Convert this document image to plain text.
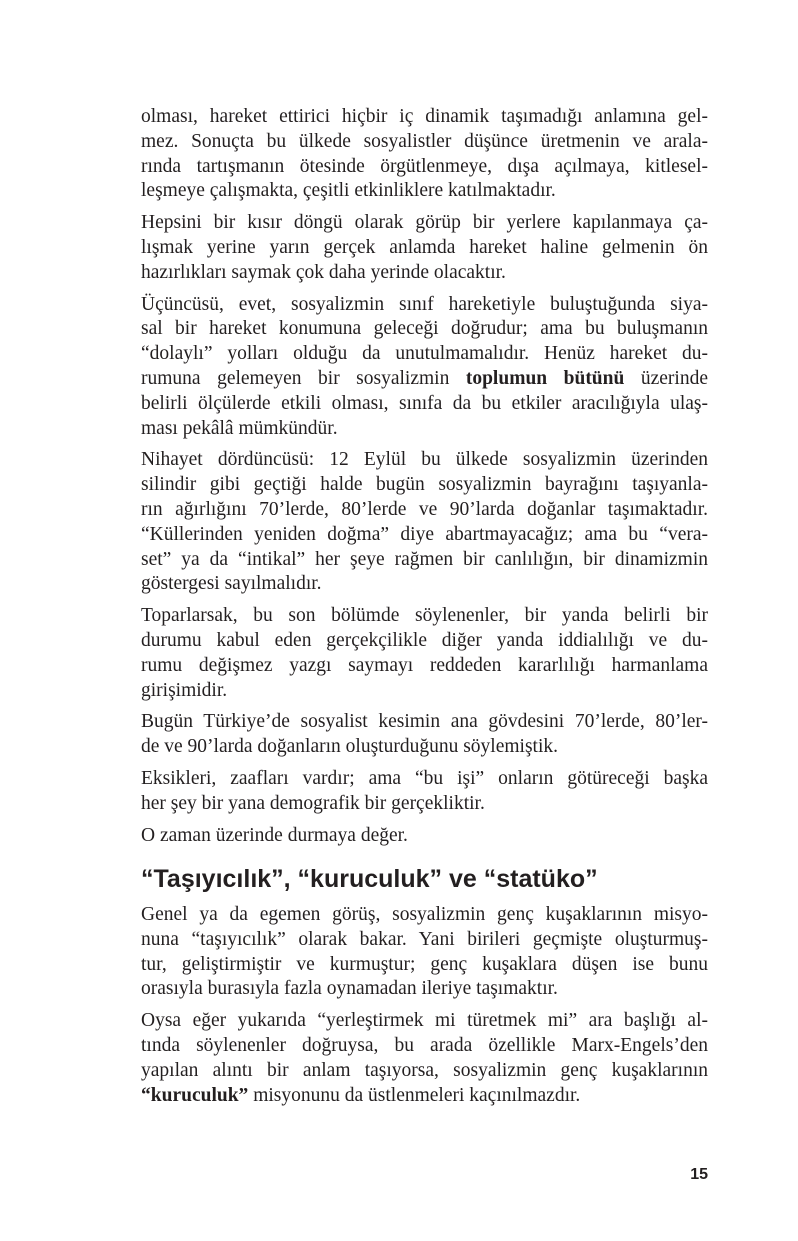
olması, hareket ettirici hiçbir iç dinamik taşımadığı anlamına gel-
mez. Sonuçta bu ülkede sosyalistler düşünce üretmenin ve arala-
rında tartışmanın ötesinde örgütlenmeye, dışa açılmaya, kitlesel-
leşmeye çalışmakta, çeşitli etkinliklere katılmaktadır.
Hepsini bir kısır döngü olarak görüp bir yerlere kapılanmaya ça-
lışmak yerine yarın gerçek anlamda hareket haline gelmenin ön
hazırlıkları saymak çok daha yerinde olacaktır.
Üçüncüsü, evet, sosyalizmin sınıf hareketiyle buluştuğunda siya-
sal bir hareket konumuna geleceği doğrudur; ama bu buluşmanın
“dolaylı” yolları olduğu da unutulmamalıdır. Henüz hareket du-
rumuna gelemeyen bir sosyalizmin toplumun bütünü üzerinde
belirli ölçülerde etkili olması, sınıfa da bu etkiler aracılığıyla ulaş-
ması pekâlâ mümkündür.
Nihayet dördüncüsü: 12 Eylül bu ülkede sosyalizmin üzerinden
silindir gibi geçtiği halde bugün sosyalizmin bayrağını taşıyanla-
rın ağırlığını 70’lerde, 80’lerde ve 90’larda doğanlar taşımaktadır.
“Küllerinden yeniden doğma” diye abartmayacağız; ama bu “vera-
set” ya da “intikal” her şeye rağmen bir canlılığın, bir dinamizmin
göstergesi sayılmalıdır.
Toparlarsak, bu son bölümde söylenenler, bir yanda belirli bir
durumu kabul eden gerçekçilikle diğer yanda iddialılığı ve du-
rumu değişmez yazgı saymayı reddeden kararlılığı harmanlama
girişimidir.
Bugün Türkiye’de sosyalist kesimin ana gövdesini 70’lerde, 80’ler-
de ve 90’larda doğanların oluşturduğunu söylemiştik.
Eksikleri, zaafları vardır; ama “bu işi” onların götüreceği başka
her şey bir yana demografik bir gerçekliktir.
O zaman üzerinde durmaya değer.
“Taşıyıcılık”, “kuruculuk” ve “statüko”
Genel ya da egemen görüş, sosyalizmin genç kuşaklarının misyo-
nuna “taşıyıcılık” olarak bakar. Yani birileri geçmişte oluşturmuş-
tur, geliştirmiştir ve kurmuştur; genç kuşaklara düşen ise bunu
orasıyla burasıyla fazla oynamadan ileriye taşımaktır.
Oysa eğer yukarıda “yerleştirmek mi türetmek mi” ara başlığı al-
tında söylenenler doğruysa, bu arada özellikle Marx-Engels’den
yapılan alıntı bir anlam taşıyorsa, sosyalizmin genç kuşaklarının
“kuruculuk” misyonunu da üstlenmeleri kaçınılmazdır.
15
